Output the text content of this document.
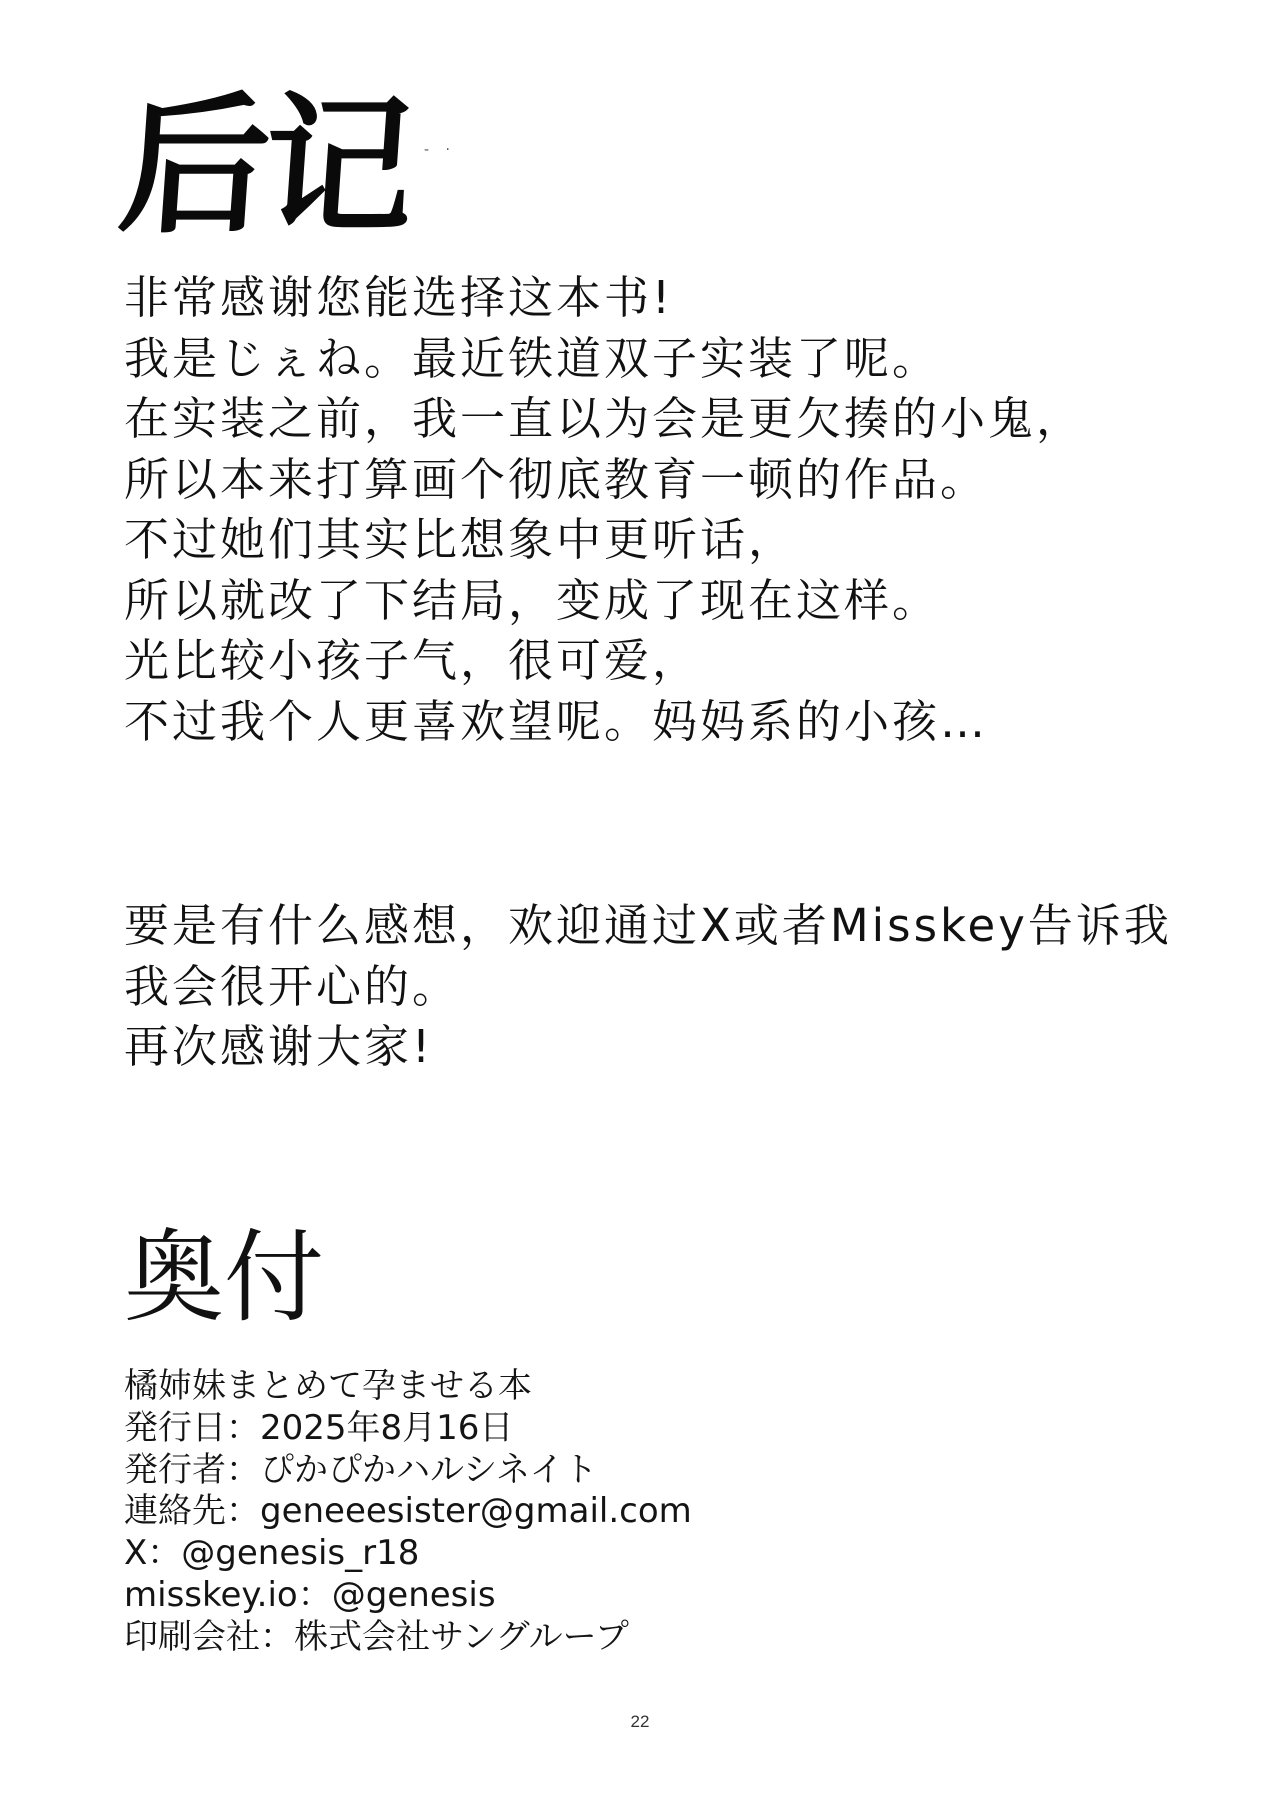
后记 ‐ ·
非常感谢您能选择这本书!
我是じぇね。最近铁道双子实装了呢。
在实装之前，我一直以为会是更欠揍的小鬼，
所以本来打算画个彻底教育一顿的作品。
不过她们其实比想象中更听话，
所以就改了下结局，变成了现在这样。
光比较小孩子气，很可爱，
不过我个人更喜欢望呢。妈妈系的小孩…
要是有什么感想，欢迎通过X或者Misskey告诉我
我会很开心的。
再次感谢大家!
奥付
橘姉妹まとめて孕ませる本
発行日：2025年8月16日
発行者：ぴかぴかハルシネイト
連絡先：geneeesister@gmail.com
X：@genesis_r18
misskey.io：@genesis
印刷会社：株式会社サングループ
22
